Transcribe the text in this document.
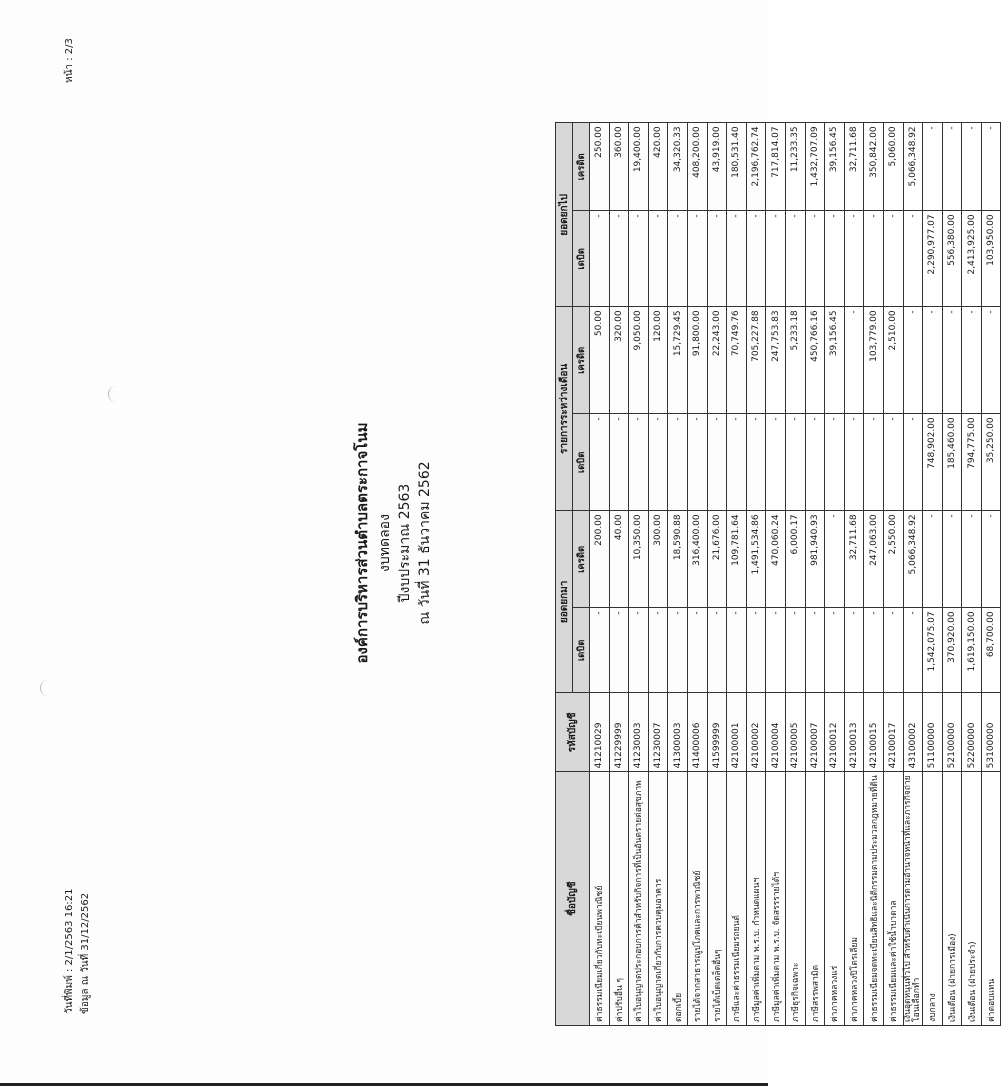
วันที่พิมพ์ : 2/1/2563 16:21 ข้อมูล ณ วันที่ 31/12/2562
หน้า : 2/3
องค์การบริหารส่วนตำบลตระกาจโนม งบทดลอง ปีงบประมาณ 2563 ณ วันที่ 31 ธันวาคม 2562
ชื่อบัญชี	รหัสบัญชี	ยอดยกมา		รายการระหว่างเดือน		ยอดยกไป	
		เดบิต	เครดิต	เดบิต	เครดิต	เดบิต	เครดิต
ค่าธรรมเนียมเกี่ยวกับทะเบียนพาณิชย์	41210029	-	200.00	-	50.00	-	250.00
ค่าปรับอื่น ๆ	41229999	-	40.00	-	320.00	-	360.00
ค่าใบอนุญาตประกอบการค้าสำหรับกิจการที่เป็นอันตรายต่อสุขภาพ	41230003	-	10,350.00	-	9,050.00	-	19,400.00
ค่าใบอนุญาตเกี่ยวกับการควบคุมอาคาร	41230007	-	300.00	-	120.00	-	420.00
ดอกเบี้ย	41300003	-	18,590.88	-	15,729.45	-	34,320.33
รายได้จากสาธารณูปโภคและการพาณิชย์	41400006	-	316,400.00	-	91,800.00	-	408,200.00
รายได้เบ็ดเตล็ดอื่นๆ	41599999	-	21,676.00	-	22,243.00	-	43,919.00
ภาษีและค่าธรรมเนียมรถยนต์	42100001	-	109,781.64	-	70,749.76	-	180,531.40
ภาษีมูลค่าเพิ่มตาม พ.ร.บ. กำหนดแผนฯ	42100002	-	1,491,534.86	-	705,227.88	-	2,196,762.74
ภาษีมูลค่าเพิ่มตาม พ.ร.บ. จัดสรรรายได้ฯ	42100004	-	470,060.24	-	247,753.83	-	717,814.07
ภาษีธุรกิจเฉพาะ	42100005	-	6,000.17	-	5,233.18	-	11,233.35
ภาษีสรรพสามิต	42100007	-	981,940.93	-	450,766.16	-	1,432,707.09
ค่าภาคหลวงแร่	42100012	-	-	-	39,156.45	-	39,156.45
ค่าภาคหลวงปิโตรเลียม	42100013	-	32,711.68	-	-	-	32,711.68
ค่าธรรมเนียมจดทะเบียนสิทธิและนิติกรรมตามประมวลกฎหมายที่ดิน	42100015	-	247,063.00	-	103,779.00	-	350,842.00
ค่าธรรมเนียมและค่าใช้น้ำบาดาล	42100017	-	2,550.00	-	2,510.00	-	5,060.00
เงินอุดหนุนทั่วไป สำหรับดำเนินการตามอำนาจหน้าที่และภารกิจถ่ายโอนเลือกทำ	43100002	-	5,066,348.92	-	-	-	5,066,348.92
งบกลาง	51100000	1,542,075.07	-	748,902.00	-	2,290,977.07	-
เงินเดือน (ฝ่ายการเมือง)	52100000	370,920.00	-	185,460.00	-	556,380.00	-
เงินเดือน (ฝ่ายประจำ)	52200000	1,619,150.00	-	794,775.00	-	2,413,925.00	-
ค่าตอบแทน	53100000	68,700.00	-	35,250.00	-	103,950.00	-
